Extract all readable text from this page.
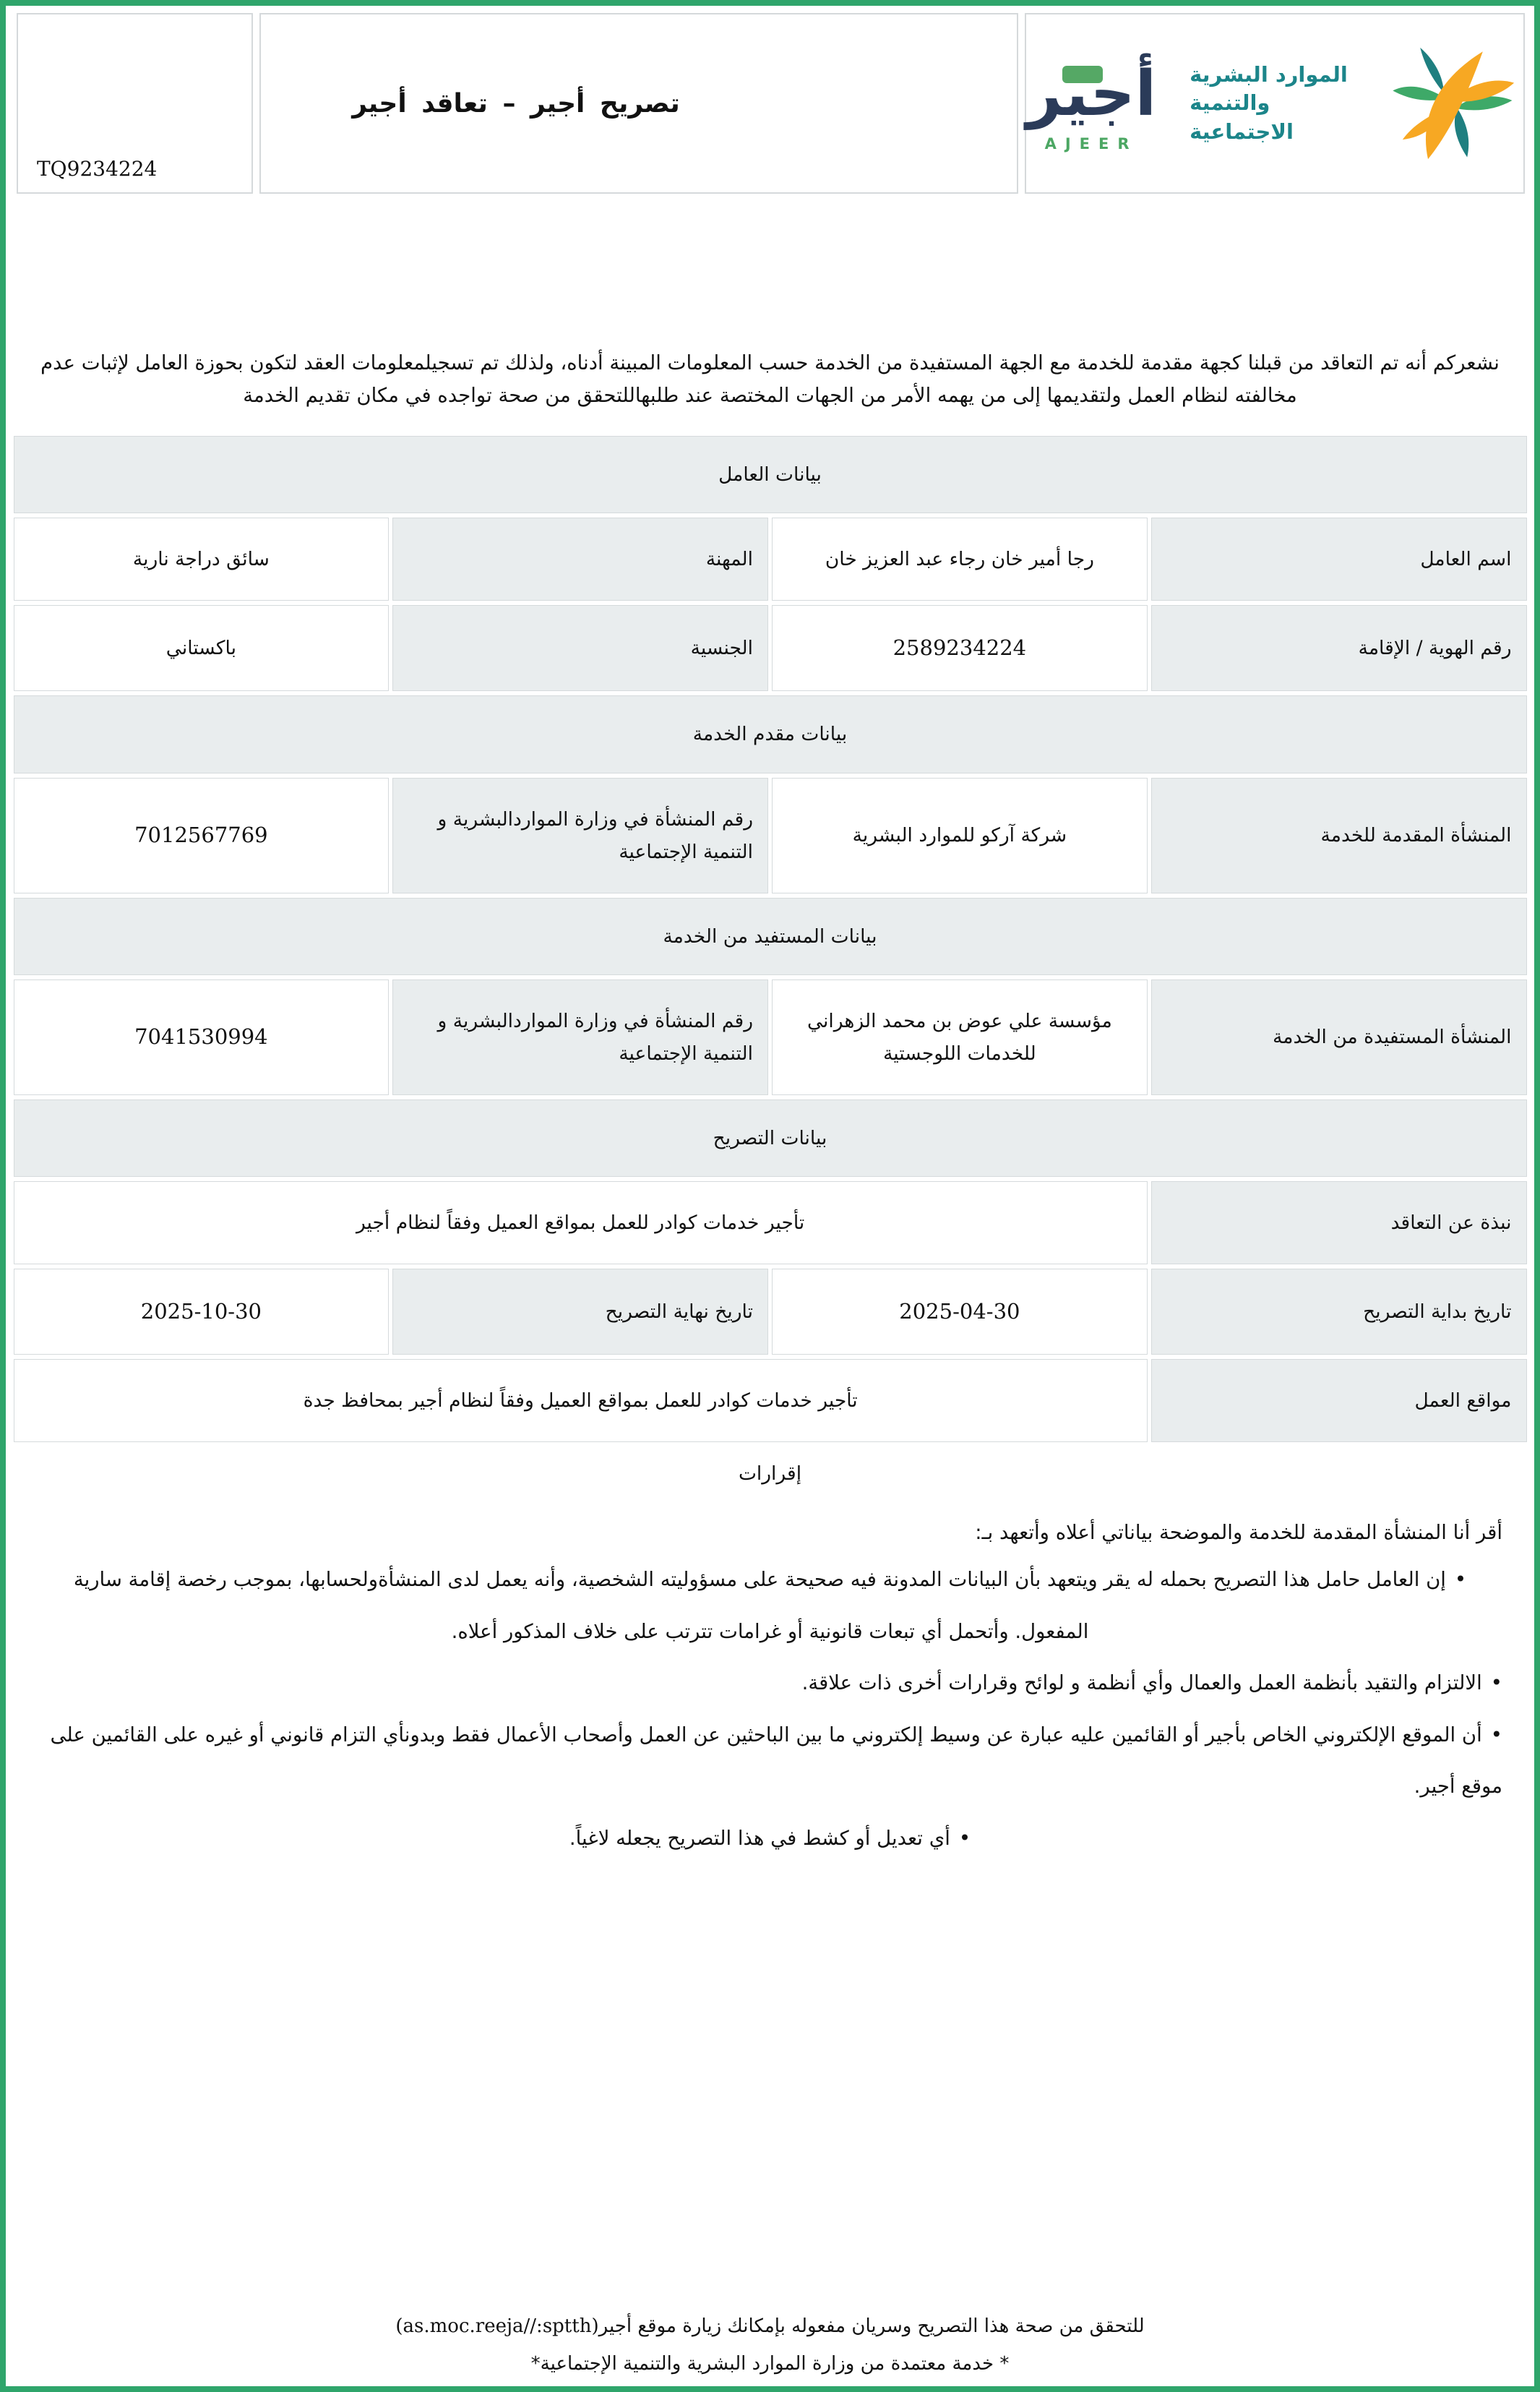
الموارد البشرية
والتنمية الاجتماعية
أجير
AJEER
تصريح أجير – تعاقد أجير
TQ9234224

نشعركم أنه تم التعاقد من قبلنا كجهة مقدمة للخدمة مع الجهة المستفيدة من الخدمة حسب المعلومات المبينة أدناه، ولذلك تم تسجيلمعلومات العقد لتكون بحوزة العامل لإثبات عدم مخالفته لنظام العمل ولتقديمها إلى من يهمه الأمر من الجهات المختصة عند طلبهاللتحقق من صحة تواجده في مكان تقديم الخدمة

بيانات العامل			
اسم العامل	رجا أمير خان رجاء عبد العزيز خان	المهنة	سائق دراجة نارية
رقم الهوية / الإقامة	2589234224	الجنسية	باكستاني
بيانات مقدم الخدمة			
المنشأة المقدمة للخدمة	شركة آركو للموارد البشرية	رقم المنشأة في وزارة المواردالبشرية و التنمية الإجتماعية	7012567769
بيانات المستفيد من الخدمة			
المنشأة المستفيدة من الخدمة	مؤسسة علي عوض بن محمد الزهراني للخدمات اللوجستية	رقم المنشأة في وزارة المواردالبشرية و التنمية الإجتماعية	7041530994
بيانات التصريح			
نبذة عن التعاقد	تأجير خدمات كوادر للعمل بمواقع العميل وفقاً لنظام أجير		
تاريخ بداية التصريح	2025-04-30	تاريخ نهاية التصريح	2025-10-30
مواقع العمل	تأجير خدمات كوادر للعمل بمواقع العميل وفقاً لنظام أجير بمحافظ جدة		
إقرارات
أقر أنا المنشأة المقدمة للخدمة والموضحة بياناتي أعلاه وأتعهد بـ:
•إن العامل حامل هذا التصريح بحمله له يقر ويتعهد بأن البيانات المدونة فيه صحيحة على مسؤوليته الشخصية، وأنه يعمل لدى المنشأةولحسابها، بموجب رخصة إقامة سارية المفعول. وأتحمل أي تبعات قانونية أو غرامات تترتب على خلاف المذكور أعلاه.
•الالتزام والتقيد بأنظمة العمل والعمال وأي أنظمة و لوائح وقرارات أخرى ذات علاقة.
•أن الموقع الإلكتروني الخاص بأجير أو القائمين عليه عبارة عن وسيط إلكتروني ما بين الباحثين عن العمل وأصحاب الأعمال فقط وبدونأي التزام قانوني أو غيره على القائمين على موقع أجير.
•أي تعديل أو كشط في هذا التصريح يجعله لاغياً.
للتحقق من صحة هذا التصريح وسريان مفعوله بإمكانك زيارة موقع أجير(as.moc.reeja//:sptth)
* خدمة معتمدة من وزارة الموارد البشرية والتنمية الإجتماعية*
